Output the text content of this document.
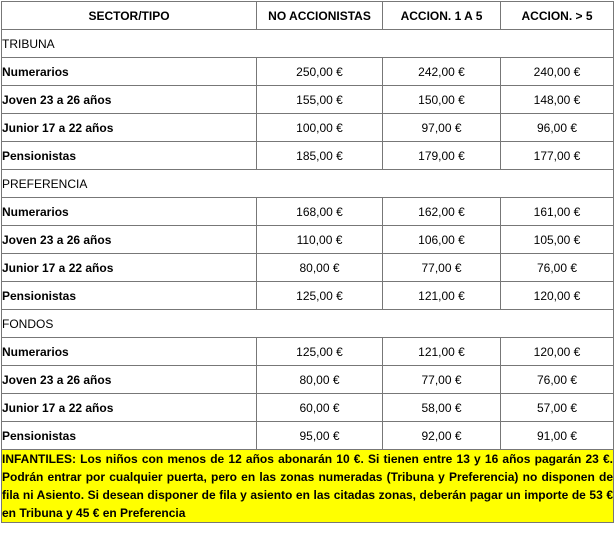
SECTOR/TIPO	NO ACCIONISTAS	ACCION. 1 A 5	ACCION. > 5
TRIBUNA			
Numerarios	250,00 €	242,00 €	240,00 €
Joven 23 a 26 años	155,00 €	150,00 €	148,00 €
Junior 17 a 22 años	100,00 €	97,00 €	96,00 €
Pensionistas	185,00 €	179,00 €	177,00 €
PREFERENCIA			
Numerarios	168,00 €	162,00 €	161,00 €
Joven 23 a 26 años	110,00 €	106,00 €	105,00 €
Junior 17 a 22 años	80,00 €	77,00 €	76,00 €
Pensionistas	125,00 €	121,00 €	120,00 €
FONDOS			
Numerarios	125,00 €	121,00 €	120,00 €
Joven 23 a 26 años	80,00 €	77,00 €	76,00 €
Junior 17 a 22 años	60,00 €	58,00 €	57,00 €
Pensionistas	95,00 €	92,00 €	91,00 €
INFANTILES: Los niños con menos de 12 años abonarán 10 €. Si tienen entre 13 y 16 años pagarán 23 €. Podrán entrar por cualquier puerta, pero en las zonas numeradas (Tribuna y Preferencia) no disponen de fila ni Asiento. Si desean disponer de fila y asiento en las citadas zonas, deberán pagar un importe de 53 € en Tribuna y 45 € en Preferencia			
